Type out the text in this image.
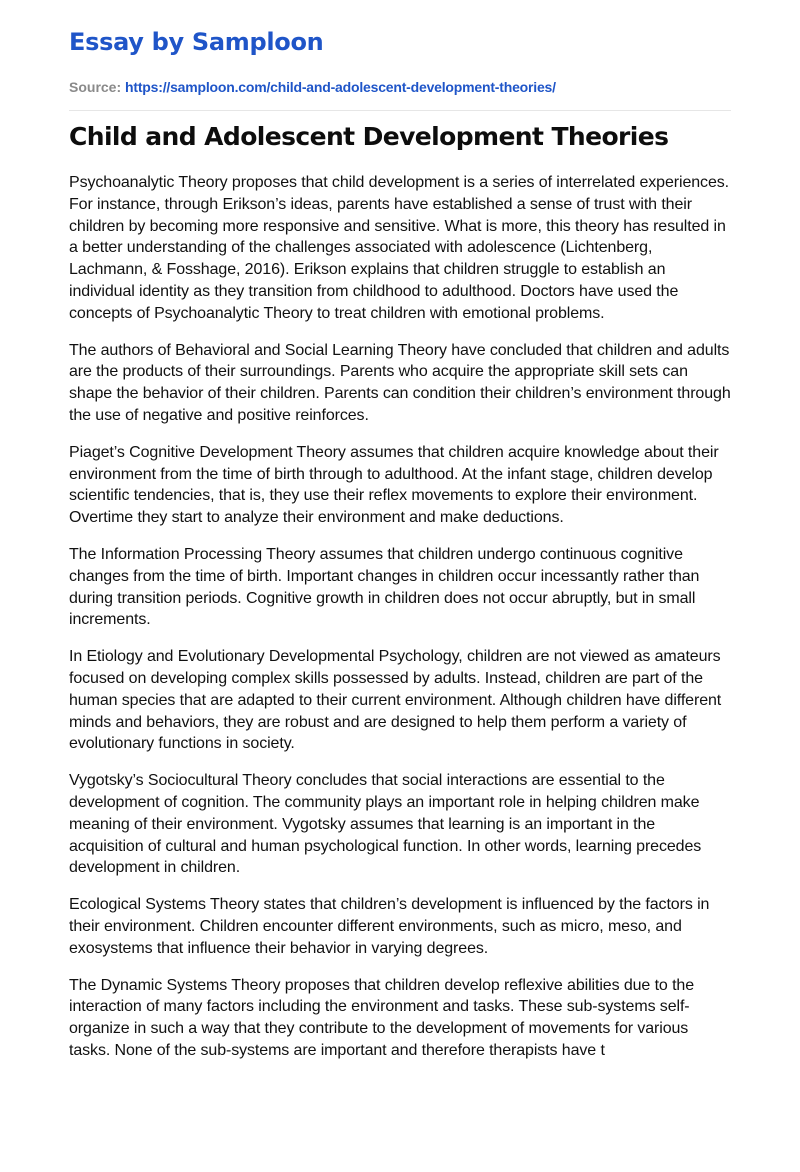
Essay by Samploon
Source: https://samploon.com/child-and-adolescent-development-theories/
Child and Adolescent Development Theories

Psychoanalytic Theory proposes that child development is a series of interrelated experiences. For instance, through Erikson’s ideas, parents have established a sense of trust with their children by becoming more responsive and sensitive. What is more, this theory has resulted in a better understanding of the challenges associated with adolescence (Lichtenberg, Lachmann, & Fosshage, 2016). Erikson explains that children struggle to establish an individual identity as they transition from childhood to adulthood. Doctors have used the concepts of Psychoanalytic Theory to treat children with emotional problems.

The authors of Behavioral and Social Learning Theory have concluded that children and adults are the products of their surroundings. Parents who acquire the appropriate skill sets can shape the behavior of their children. Parents can condition their children’s environment through the use of negative and positive reinforces.

Piaget’s Cognitive Development Theory assumes that children acquire knowledge about their environment from the time of birth through to adulthood. At the infant stage, children develop scientific tendencies, that is, they use their reflex movements to explore their environment. Overtime they start to analyze their environment and make deductions.

The Information Processing Theory assumes that children undergo continuous cognitive changes from the time of birth. Important changes in children occur incessantly rather than during transition periods. Cognitive growth in children does not occur abruptly, but in small increments.

In Etiology and Evolutionary Developmental Psychology, children are not viewed as amateurs focused on developing complex skills possessed by adults. Instead, children are part of the human species that are adapted to their current environment. Although children have different minds and behaviors, they are robust and are designed to help them perform a variety of evolutionary functions in society.

Vygotsky’s Sociocultural Theory concludes that social interactions are essential to the development of cognition. The community plays an important role in helping children make meaning of their environment. Vygotsky assumes that learning is an important in the acquisition of cultural and human psychological function. In other words, learning precedes development in children.

Ecological Systems Theory states that children’s development is influenced by the factors in their environment. Children encounter different environments, such as micro, meso, and exosystems that influence their behavior in varying degrees.

The Dynamic Systems Theory proposes that children develop reflexive abilities due to the interaction of many factors including the environment and tasks. These sub-systems self-organize in such a way that they contribute to the development of movements for various tasks. None of the sub-systems are important and therefore therapists have t
